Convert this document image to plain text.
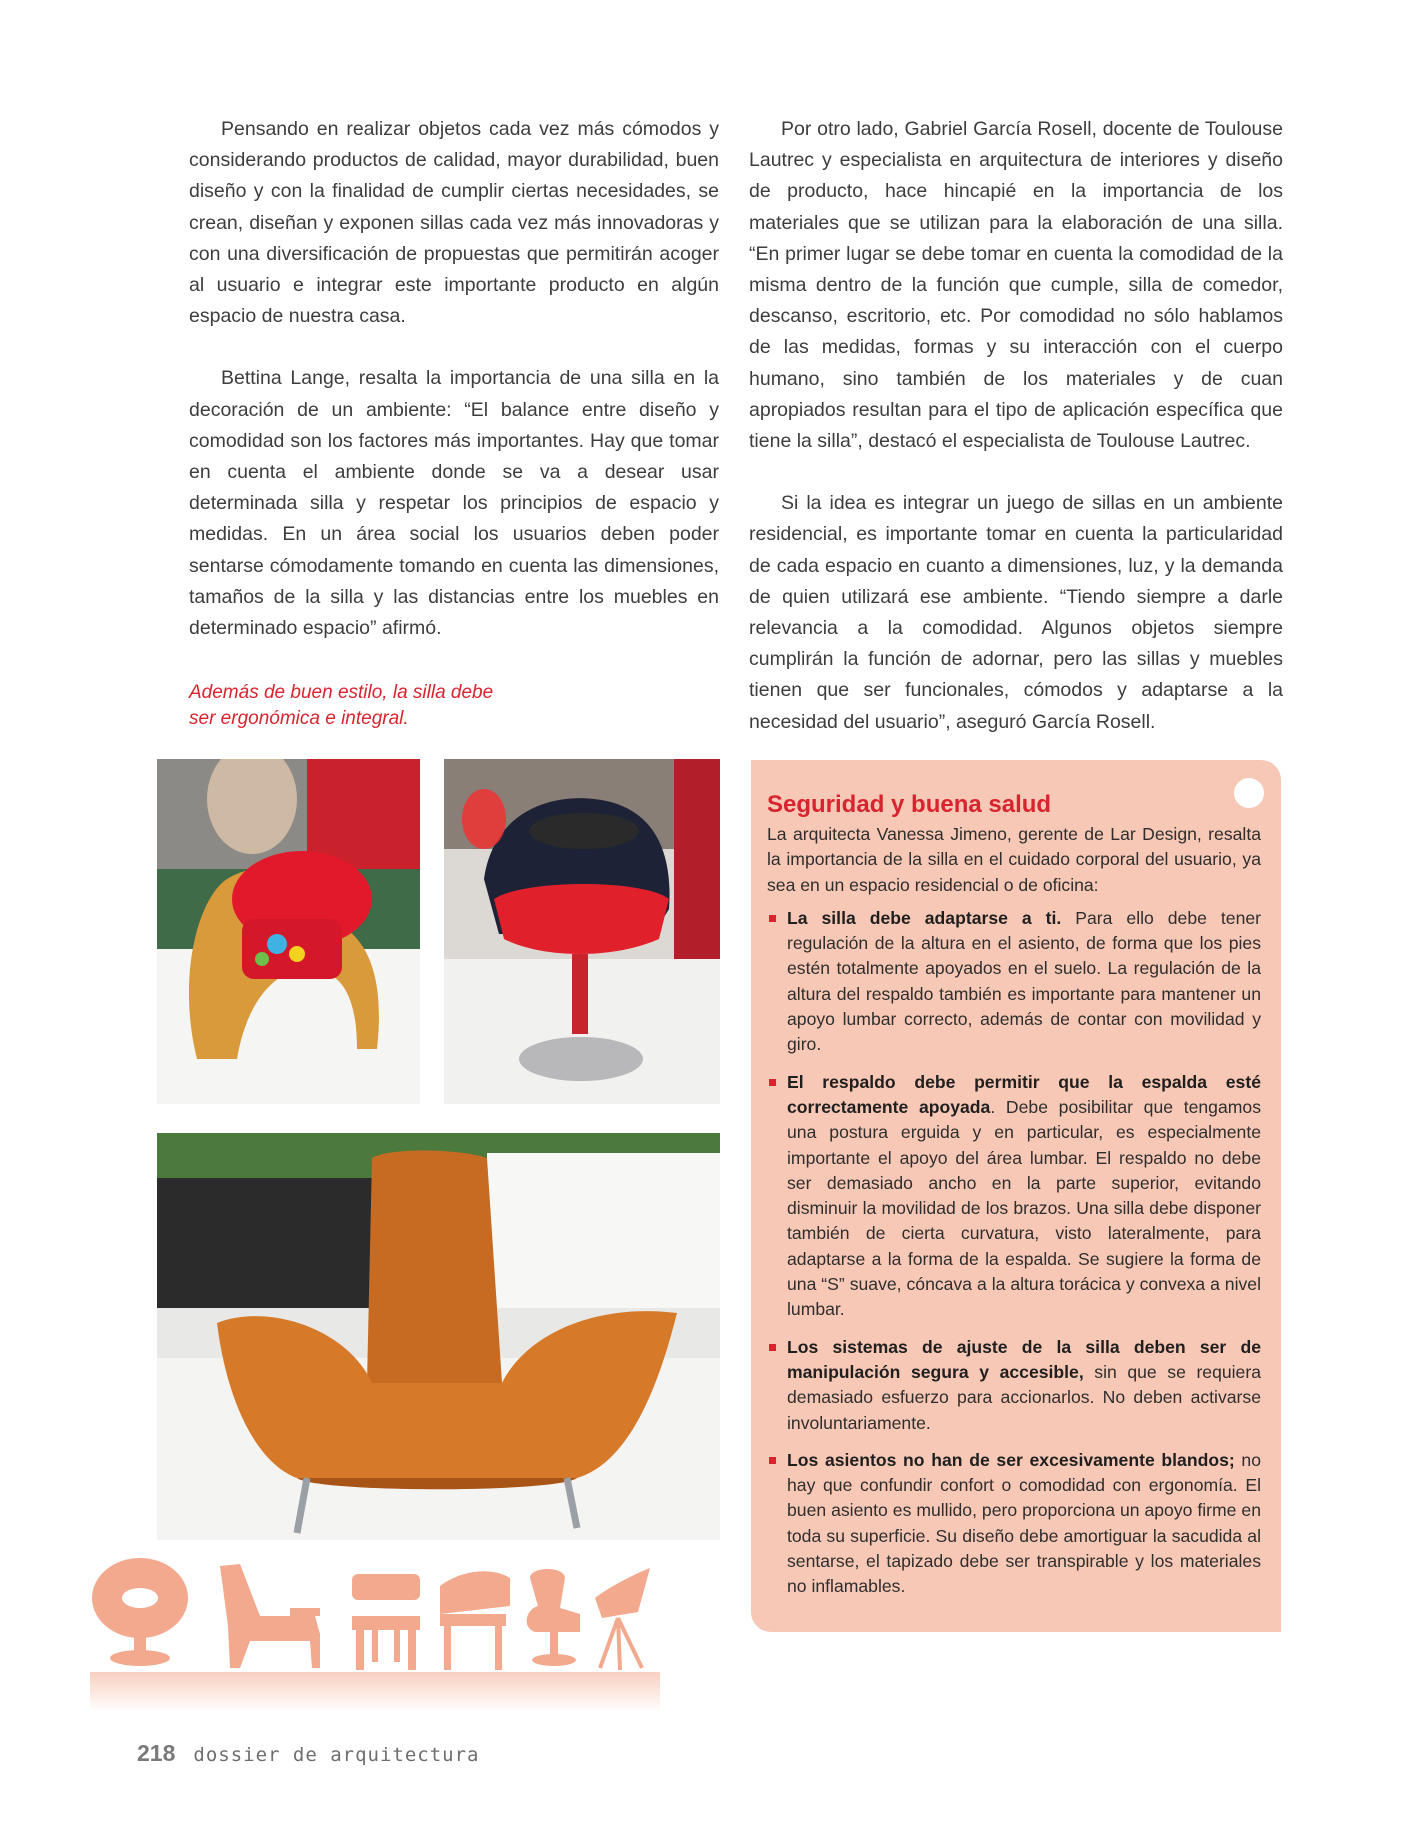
Pensando en realizar objetos cada vez más cómodos y considerando productos de calidad, mayor durabilidad, buen diseño y con la finalidad de cumplir ciertas necesidades, se crean, diseñan y exponen sillas cada vez más innovadoras y con una diversificación de propuestas que permitirán acoger al usuario e integrar este importante producto en algún espacio de nuestra casa.

Bettina Lange, resalta la importancia de una silla en la decoración de un ambiente: “El balance entre diseño y comodidad son los factores más importantes. Hay que tomar en cuenta el ambiente donde se va a desear usar determinada silla y respetar los principios de espacio y medidas. En un área social los usuarios deben poder sentarse cómodamente tomando en cuenta las dimensiones, tamaños de la silla y las distancias entre los muebles en determinado espacio” afirmó.

Además de buen estilo, la silla debe ser ergonómica e integral.

Por otro lado, Gabriel García Rosell, docente de Toulouse Lautrec y especialista en arquitectura de interiores y diseño de producto, hace hincapié en la importancia de los materiales que se utilizan para la elaboración de una silla. “En primer lugar se debe tomar en cuenta la comodidad de la misma dentro de la función que cumple, silla de comedor, descanso, escritorio, etc. Por comodidad no sólo hablamos de las medidas, formas y su interacción con el cuerpo humano, sino también de los materiales y de cuan apropiados resultan para el tipo de aplicación específica que tiene la silla”, destacó el especialista de Toulouse Lautrec.

Si la idea es integrar un juego de sillas en un ambiente residencial, es importante tomar en cuenta la particularidad de cada espacio en cuanto a dimensiones, luz, y la demanda de quien utilizará ese ambiente. “Tiendo siempre a darle relevancia a la comodidad. Algunos objetos siempre cumplirán la función de adornar, pero las sillas y muebles tienen que ser funcionales, cómodos y adaptarse a la necesidad del usuario”, aseguró García Rosell.

Seguridad y buena salud

La arquitecta Vanessa Jimeno, gerente de Lar Design, resalta la importancia de la silla en el cuidado corporal del usuario, ya sea en un espacio residencial o de oficina:

La silla debe adaptarse a ti. Para ello debe tener regulación de la altura en el asiento, de forma que los pies estén totalmente apoyados en el suelo. La regulación de la altura del respaldo también es importante para mantener un apoyo lumbar correcto, además de contar con movilidad y giro.
El respaldo debe permitir que la espalda esté correctamente apoyada. Debe posibilitar que tengamos una postura erguida y en particular, es especialmente importante el apoyo del área lumbar. El respaldo no debe ser demasiado ancho en la parte superior, evitando disminuir la movilidad de los brazos. Una silla debe disponer también de cierta curvatura, visto lateralmente, para adaptarse a la forma de la espalda. Se sugiere la forma de una “S” suave, cóncava a la altura torácica y convexa a nivel lumbar.
Los sistemas de ajuste de la silla deben ser de manipulación segura y accesible, sin que se requiera demasiado esfuerzo para accionarlos. No deben activarse involuntariamente.
Los asientos no han de ser excesivamente blandos; no hay que confundir confort o comodidad con ergonomía. El buen asiento es mullido, pero proporciona un apoyo firme en toda su superficie. Su diseño debe amortiguar la sacudida al sentarse, el tapizado debe ser transpirable y los materiales no inflamables.
218 dossier de arquitectura
